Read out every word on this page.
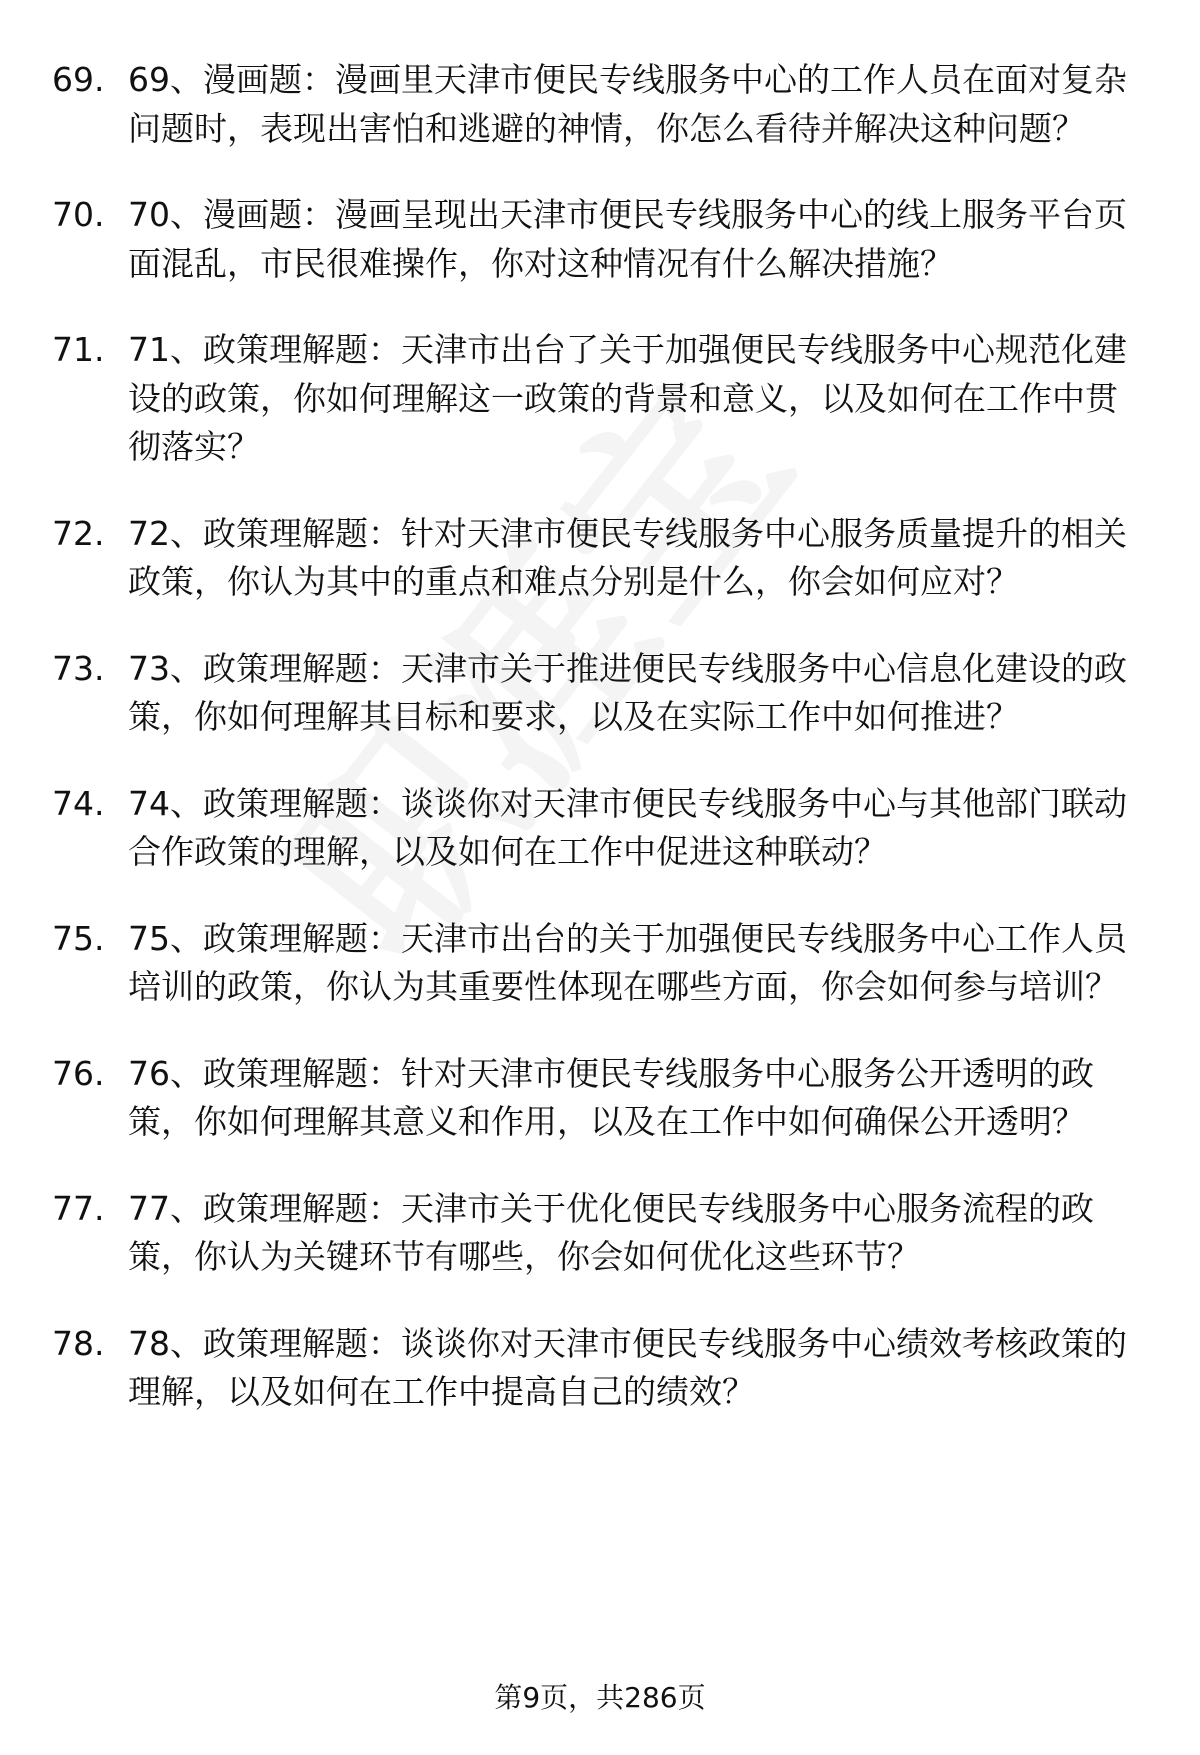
69. 69、漫画题：漫画里天津市便民专线服务中心的工作人员在面对复杂问题时，表现出害怕和逃避的神情，你怎么看待并解决这种问题？
70. 70、漫画题：漫画呈现出天津市便民专线服务中心的线上服务平台页面混乱，市民很难操作，你对这种情况有什么解决措施？
71. 71、政策理解题：天津市出台了关于加强便民专线服务中心规范化建设的政策，你如何理解这一政策的背景和意义，以及如何在工作中贯彻落实？
72. 72、政策理解题：针对天津市便民专线服务中心服务质量提升的相关政策，你认为其中的重点和难点分别是什么，你会如何应对？
73. 73、政策理解题：天津市关于推进便民专线服务中心信息化建设的政策，你如何理解其目标和要求，以及在实际工作中如何推进？
74. 74、政策理解题：谈谈你对天津市便民专线服务中心与其他部门联动合作政策的理解，以及如何在工作中促进这种联动？
75. 75、政策理解题：天津市出台的关于加强便民专线服务中心工作人员培训的政策，你认为其重要性体现在哪些方面，你会如何参与培训？
76. 76、政策理解题：针对天津市便民专线服务中心服务公开透明的政策，你如何理解其意义和作用，以及在工作中如何确保公开透明？
77. 77、政策理解题：天津市关于优化便民专线服务中心服务流程的政策，你认为关键环节有哪些，你会如何优化这些环节？
78. 78、政策理解题：谈谈你对天津市便民专线服务中心绩效考核政策的理解，以及如何在工作中提高自己的绩效？
第9页，共286页
